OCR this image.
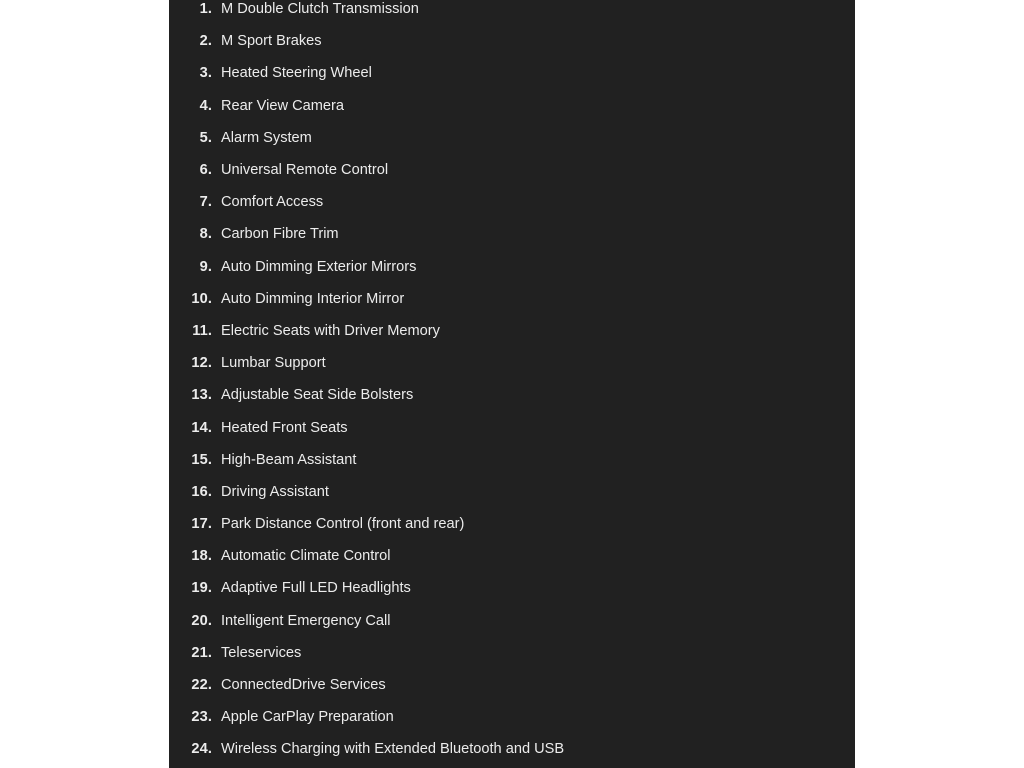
1. M Double Clutch Transmission
2. M Sport Brakes
3. Heated Steering Wheel
4. Rear View Camera
5. Alarm System
6. Universal Remote Control
7. Comfort Access
8. Carbon Fibre Trim
9. Auto Dimming Exterior Mirrors
10. Auto Dimming Interior Mirror
11. Electric Seats with Driver Memory
12. Lumbar Support
13. Adjustable Seat Side Bolsters
14. Heated Front Seats
15. High-Beam Assistant
16. Driving Assistant
17. Park Distance Control (front and rear)
18. Automatic Climate Control
19. Adaptive Full LED Headlights
20. Intelligent Emergency Call
21. Teleservices
22. ConnectedDrive Services
23. Apple CarPlay Preparation
24. Wireless Charging with Extended Bluetooth and USB
